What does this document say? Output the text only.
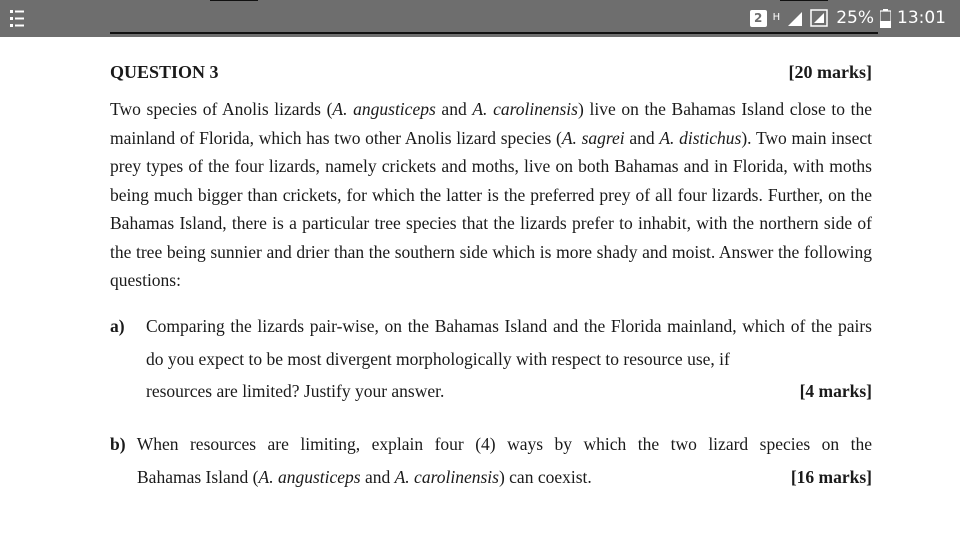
2	H	25% 13:01
QUESTION 3	[20 marks]
Two species of Anolis lizards (A. angusticeps and A. carolinensis) live on the Bahamas Island close to the mainland of Florida, which has two other Anolis lizard species (A. sagrei and A. distichus). Two main insect prey types of the four lizards, namely crickets and moths, live on both Bahamas and in Florida, with moths being much bigger than crickets, for which the latter is the preferred prey of all four lizards. Further, on the Bahamas Island, there is a particular tree species that the lizards prefer to inhabit, with the northern side of the tree being sunnier and drier than the southern side which is more shady and moist. Answer the following questions:
a) Comparing the lizards pair-wise, on the Bahamas Island and the Florida mainland, which of the pairs do you expect to be most divergent morphologically with respect to resource use, if
resources are limited? Justify your answer.	[4 marks]
b) When resources are limiting, explain four (4) ways by which the two lizard species on the
Bahamas Island (A. angusticeps and A. carolinensis) can coexist.	[16 marks]
